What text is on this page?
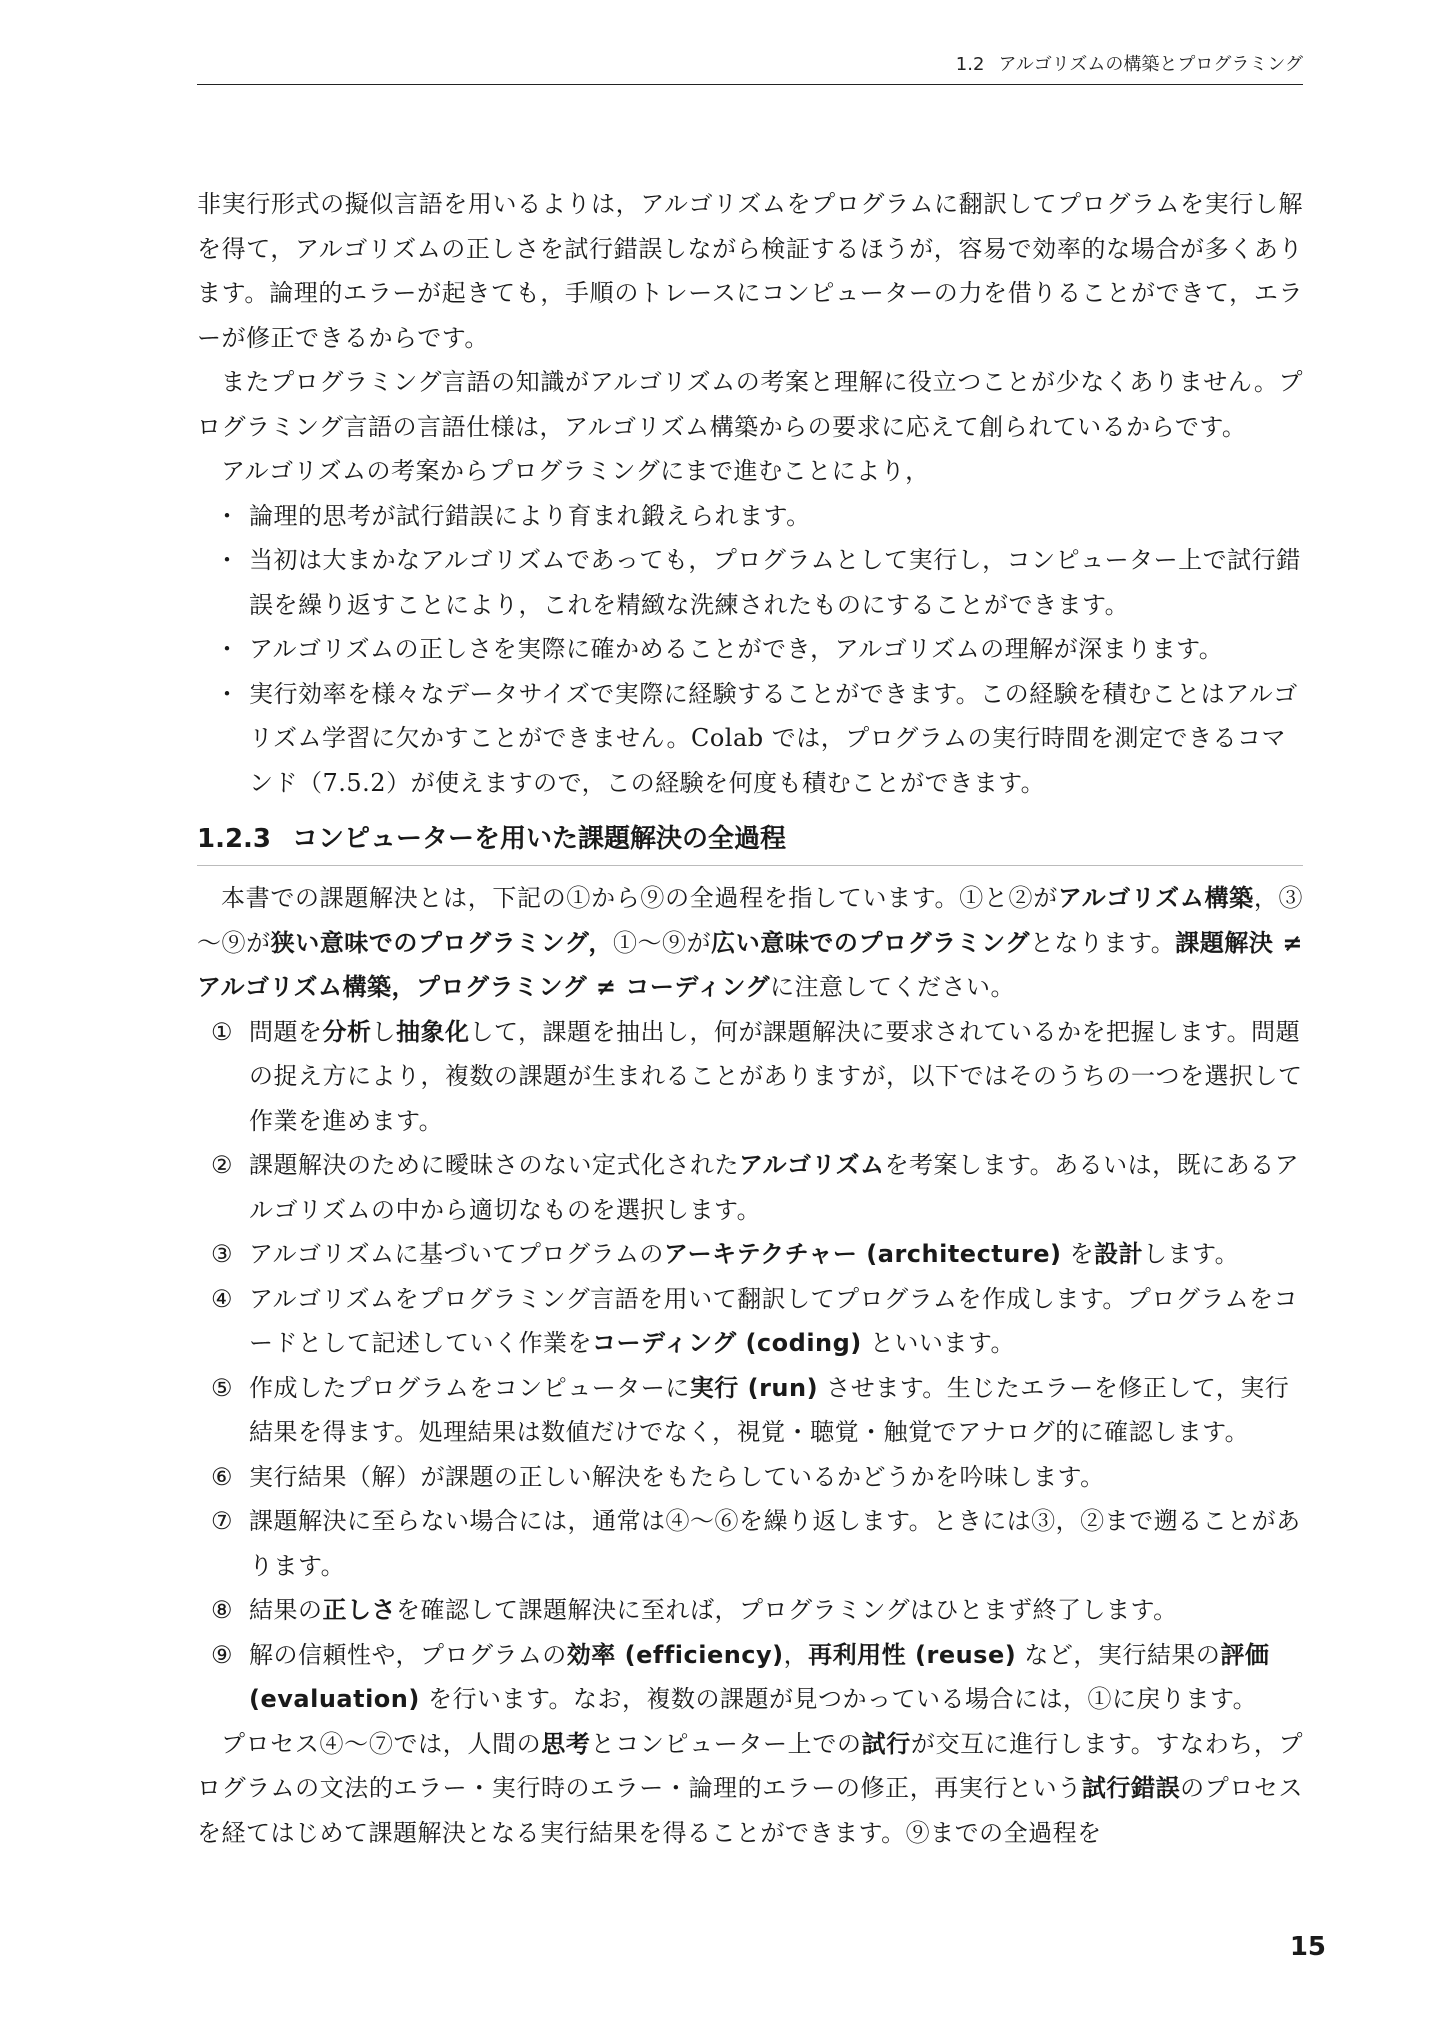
1.2 アルゴリズムの構築とプログラミング

非実行形式の擬似言語を用いるよりは，アルゴリズムをプログラムに翻訳してプログラムを実行し解を得て，アルゴリズムの正しさを試行錯誤しながら検証するほうが，容易で効率的な場合が多くあります。論理的エラーが起きても，手順のトレースにコンピューターの力を借りることができて，エラーが修正できるからです。

またプログラミング言語の知識がアルゴリズムの考案と理解に役立つことが少なくありません。プログラミング言語の言語仕様は，アルゴリズム構築からの要求に応えて創られているからです。

アルゴリズムの考案からプログラミングにまで進むことにより，

・ 論理的思考が試行錯誤により育まれ鍛えられます。
・ 当初は大まかなアルゴリズムであっても，プログラムとして実行し，コンピューター上で試行錯誤を繰り返すことにより，これを精緻な洗練されたものにすることができます。
・ アルゴリズムの正しさを実際に確かめることができ，アルゴリズムの理解が深まります。
・ 実行効率を様々なデータサイズで実際に経験することができます。この経験を積むことはアルゴリズム学習に欠かすことができません。Colab では，プログラムの実行時間を測定できるコマンド（7.5.2）が使えますので，この経験を何度も積むことができます。
1.2.3 コンピューターを用いた課題解決の全過程

本書での課題解決とは，下記の①から⑨の全過程を指しています。①と②がアルゴリズム構築，③～⑨が狭い意味でのプログラミング，①～⑨が広い意味でのプログラミングとなります。課題解決 ≠ アルゴリズム構築，プログラミング ≠ コーディングに注意してください。

① 問題を分析し抽象化して，課題を抽出し，何が課題解決に要求されているかを把握します。問題の捉え方により，複数の課題が生まれることがありますが，以下ではそのうちの一つを選択して作業を進めます。
② 課題解決のために曖昧さのない定式化されたアルゴリズムを考案します。あるいは，既にあるアルゴリズムの中から適切なものを選択します。
③ アルゴリズムに基づいてプログラムのアーキテクチャー (architecture) を設計します。
④ アルゴリズムをプログラミング言語を用いて翻訳してプログラムを作成します。プログラムをコードとして記述していく作業をコーディング (coding) といいます。
⑤ 作成したプログラムをコンピューターに実行 (run) させます。生じたエラーを修正して，実行結果を得ます。処理結果は数値だけでなく，視覚・聴覚・触覚でアナログ的に確認します。
⑥ 実行結果（解）が課題の正しい解決をもたらしているかどうかを吟味します。
⑦ 課題解決に至らない場合には，通常は④～⑥を繰り返します。ときには③，②まで遡ることがあります。
⑧ 結果の正しさを確認して課題解決に至れば，プログラミングはひとまず終了します。
⑨ 解の信頼性や，プログラムの効率 (efficiency)，再利用性 (reuse) など，実行結果の評価 (evaluation) を行います。なお，複数の課題が見つかっている場合には，①に戻ります。

プロセス④～⑦では，人間の思考とコンピューター上での試行が交互に進行します。すなわち，プログラムの文法的エラー・実行時のエラー・論理的エラーの修正，再実行という試行錯誤のプロセスを経てはじめて課題解決となる実行結果を得ることができます。⑨までの全過程を

15
